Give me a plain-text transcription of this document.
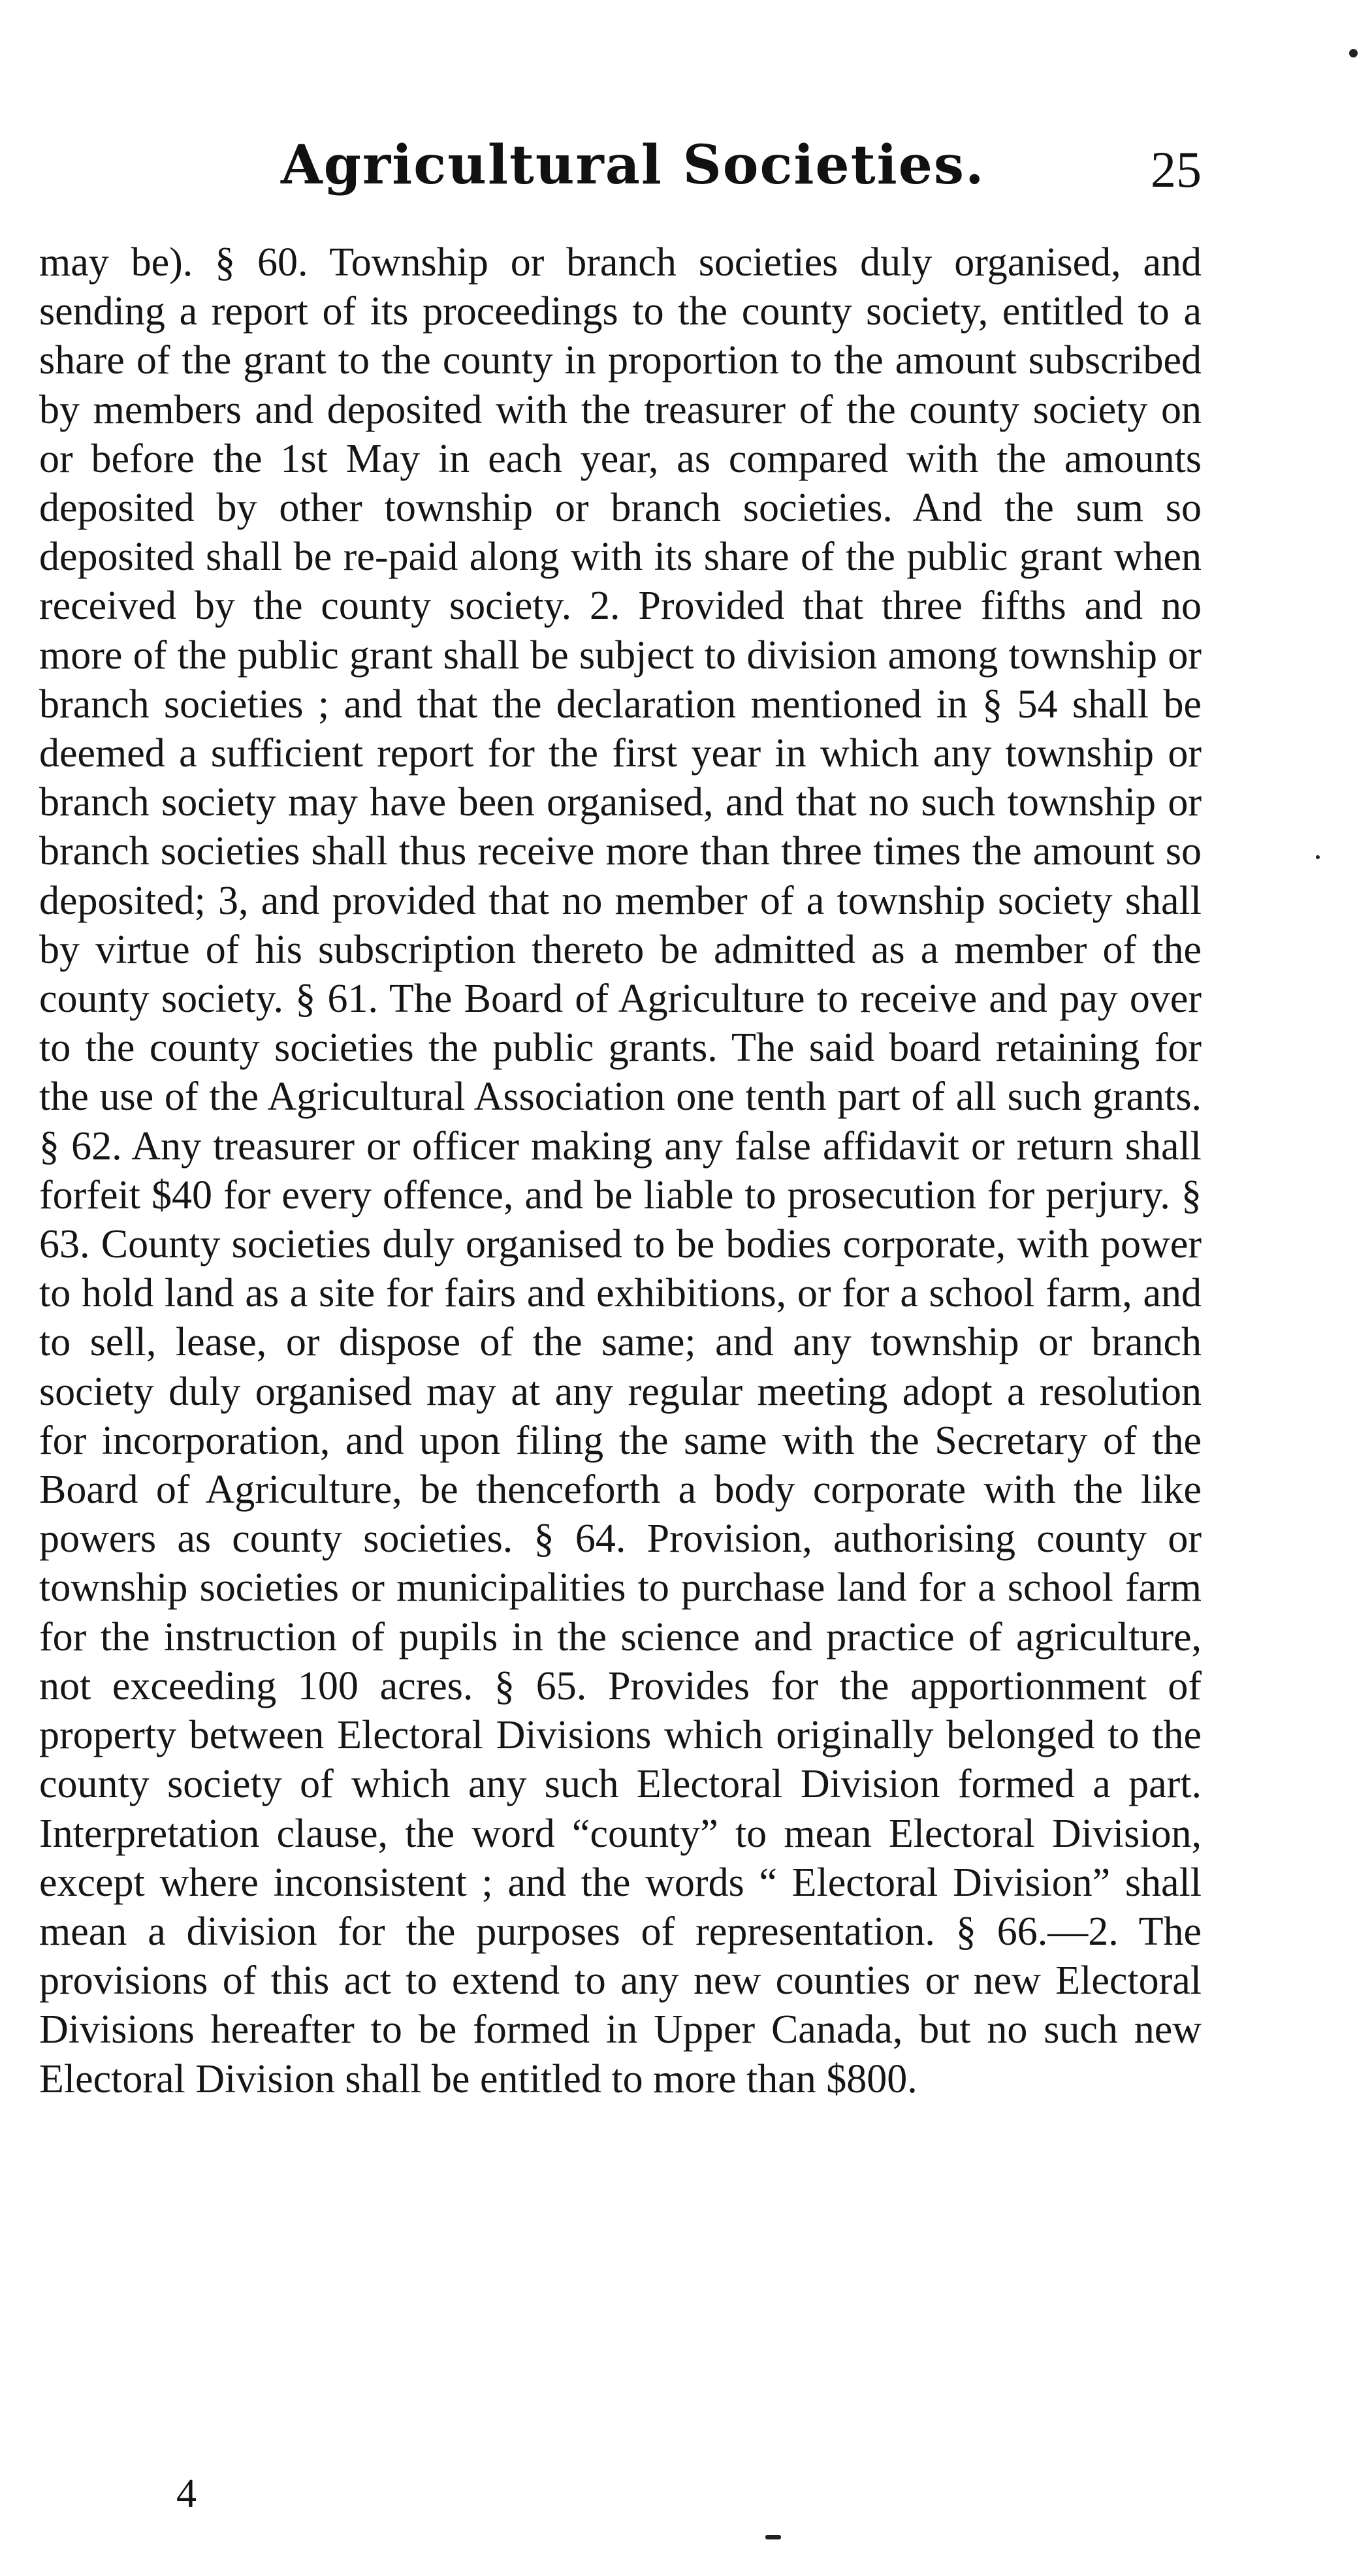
Agricultural Societies.	25

may be). § 60. Township or branch societies duly organised, and sending a report of its proceedings to the county society, entitled to a share of the grant to the county in proportion to the amount subscribed by members and deposited with the treasurer of the county society on or before the 1st May in each year, as compared with the amounts deposited by other township or branch societies. And the sum so deposited shall be re-paid along with its share of the public grant when received by the county society. 2. Provided that three fifths and no more of the public grant shall be subject to division among township or branch societies ; and that the declaration mentioned in § 54 shall be deemed a sufficient report for the first year in which any township or branch society may have been organised, and that no such township or branch societies shall thus receive more than three times the amount so deposited; 3, and provided that no member of a township society shall by virtue of his subscription thereto be admitted as a member of the county society. § 61. The Board of Agriculture to receive and pay over to the county societies the public grants. The said board retaining for the use of the Agricultural Association one tenth part of all such grants. § 62. Any treasurer or officer making any false affidavit or return shall forfeit $40 for every offence, and be liable to prosecution for perjury. § 63. County societies duly organised to be bodies corporate, with power to hold land as a site for fairs and exhibitions, or for a school farm, and to sell, lease, or dispose of the same; and any township or branch society duly organised may at any regular meeting adopt a resolution for incorporation, and upon filing the same with the Secretary of the Board of Agriculture, be thenceforth a body corporate with the like powers as county societies. § 64. Provision, authorising county or township societies or municipalities to purchase land for a school farm for the instruction of pupils in the science and practice of agriculture, not exceeding 100 acres. § 65. Provides for the apportionment of property between Electoral Divisions which originally belonged to the county society of which any such Electoral Division formed a part. Interpretation clause, the word “county” to mean Electoral Division, except where inconsistent ; and the words “ Electoral Division” shall mean a division for the purposes of representation. § 66.—2. The provisions of this act to extend to any new counties or new Electoral Divisions hereafter to be formed in Upper Canada, but no such new Electoral Division shall be entitled to more than $800.

4
